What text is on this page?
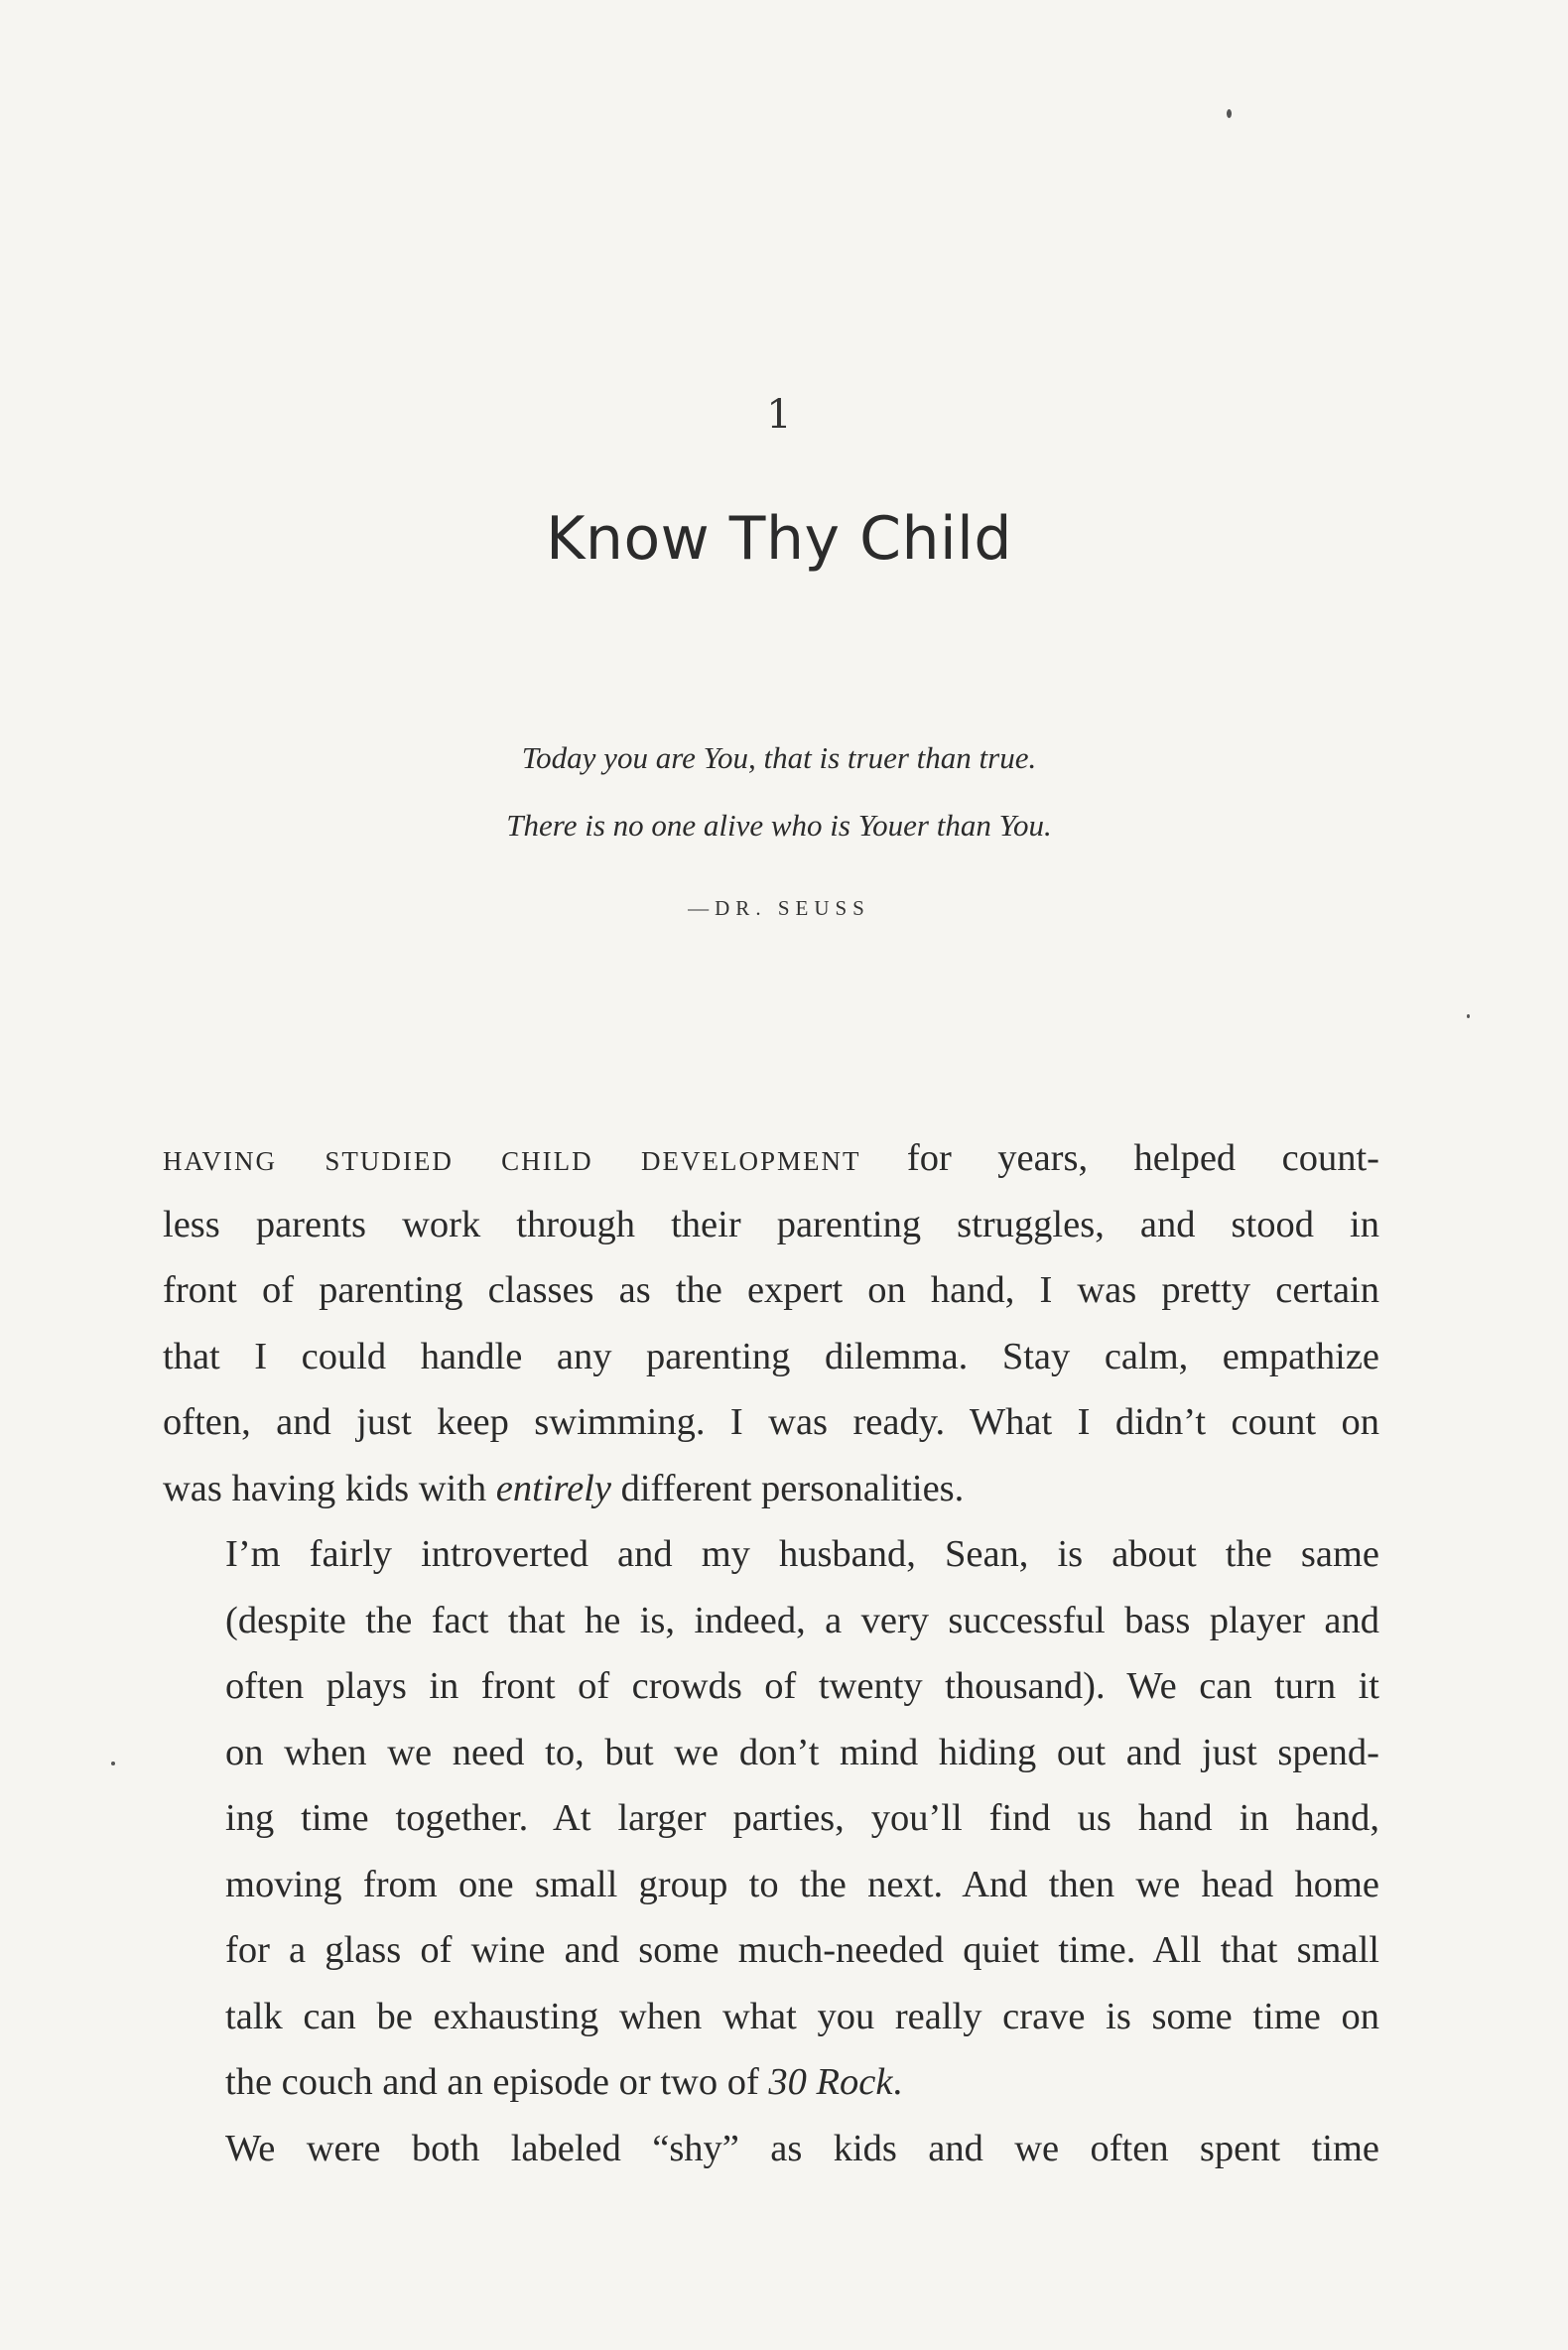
1
Know Thy Child
Today you are You, that is truer than true.
There is no one alive who is Youer than You.
—DR. SEUSS

having studied child development for years, helped count-
less parents work through their parenting struggles, and stood in
front of parenting classes as the expert on hand, I was pretty certain
that I could handle any parenting dilemma. Stay calm, empathize
often, and just keep swimming. I was ready. What I didn’t count on
was having kids with entirely different personalities.

I’m fairly introverted and my husband, Sean, is about the same
(despite the fact that he is, indeed, a very successful bass player and
often plays in front of crowds of twenty thousand). We can turn it
on when we need to, but we don’t mind hiding out and just spend-
ing time together. At larger parties, you’ll find us hand in hand,
moving from one small group to the next. And then we head home
for a glass of wine and some much-needed quiet time. All that small
talk can be exhausting when what you really crave is some time on
the couch and an episode or two of 30 Rock.

We were both labeled “shy” as kids and we often spent time
